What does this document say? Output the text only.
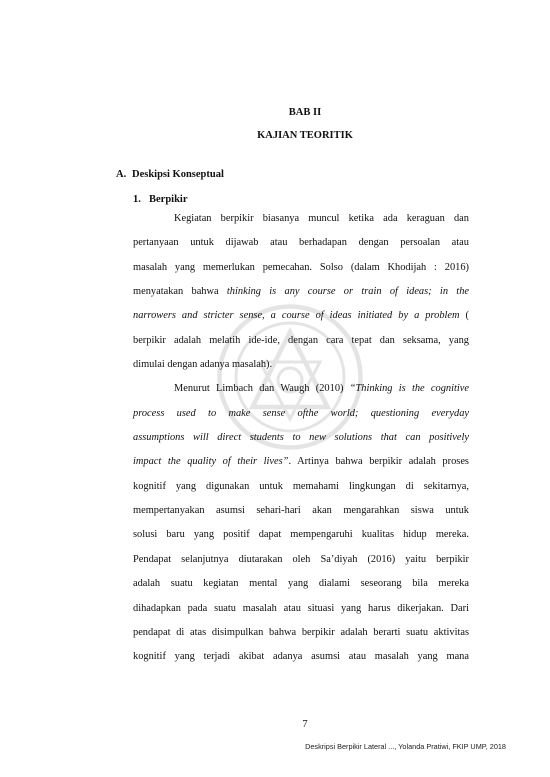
BAB II
KAJIAN TEORITIK
A. Deskipsi Konseptual
1. Berpikir
Kegiatan berpikir biasanya muncul ketika ada keraguan dan
pertanyaan untuk dijawab atau berhadapan dengan persoalan atau
masalah yang memerlukan pemecahan. Solso (dalam Khodijah : 2016)
menyatakan bahwa thinking is any course or train of ideas; in the
narrowers and stricter sense, a course of ideas initiated by a problem (
berpikir adalah melatih ide-ide, dengan cara tepat dan seksama, yang
dimulai dengan adanya masalah).
Menurut Limbach dan Waugh (2010) “Thinking is the cognitive
process used to make sense ofthe world; questioning everyday
assumptions will direct students to new solutions that can positively
impact the quality of their lives”. Artinya bahwa berpikir adalah proses
kognitif yang digunakan untuk memahami lingkungan di sekitarnya,
mempertanyakan asumsi sehari-hari akan mengarahkan siswa untuk
solusi baru yang positif dapat mempengaruhi kualitas hidup mereka.
Pendapat selanjutnya diutarakan oleh Sa’diyah (2016) yaitu berpikir
adalah suatu kegiatan mental yang dialami seseorang bila mereka
dihadapkan pada suatu masalah atau situasi yang harus dikerjakan. Dari
pendapat di atas disimpulkan bahwa berpikir adalah berarti suatu aktivitas
kognitif yang terjadi akibat adanya asumsi atau masalah yang mana
7
Deskripsi Berpikir Lateral ..., Yolanda Pratiwi, FKIP UMP, 2018
